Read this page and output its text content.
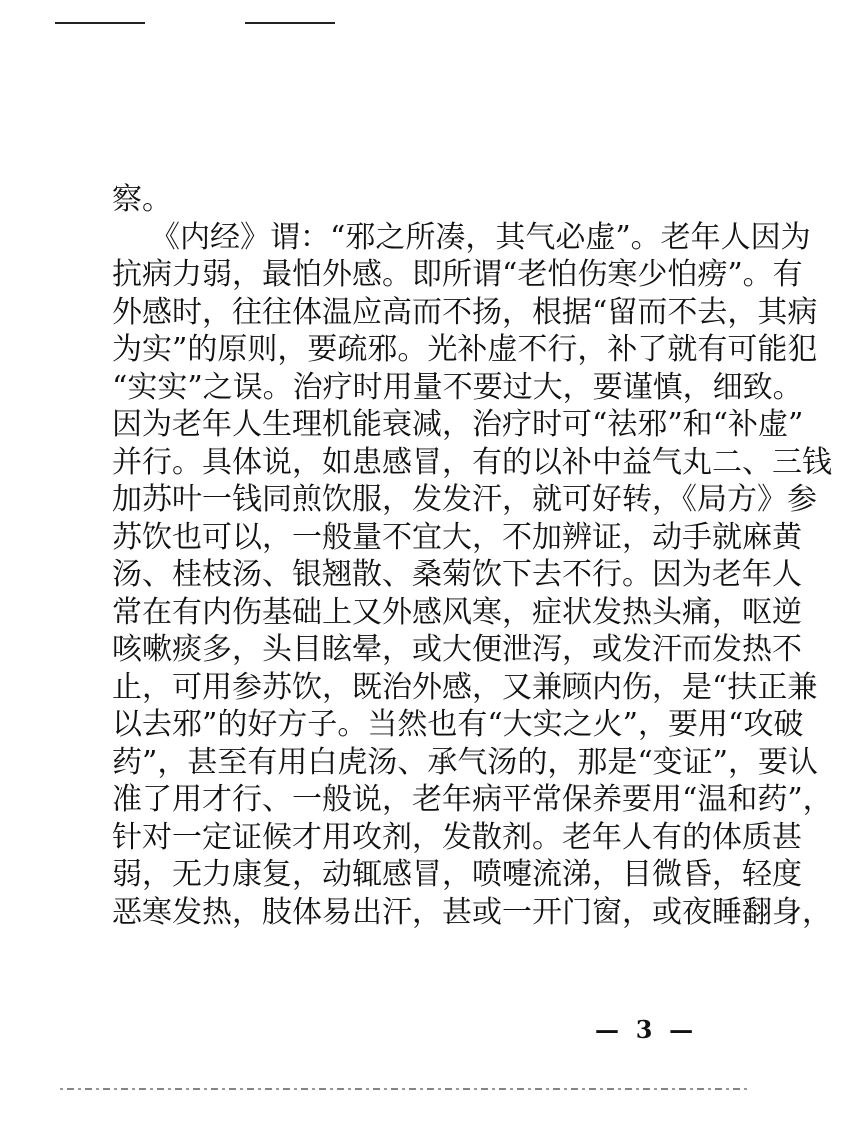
察。
《内经》谓：“邪之所凑，其气必虚”。老年人因为
抗病力弱，最怕外感。即所谓“老怕伤寒少怕痨”。有
外感时，往往体温应高而不扬，根据“留而不去，其病
为实”的原则，要疏邪。光补虚不行，补了就有可能犯
“实实”之误。治疗时用量不要过大，要谨慎，细致。
因为老年人生理机能衰减，治疗时可“祛邪”和“补虚”
并行。具体说，如患感冒，有的以补中益气丸二、三钱
加苏叶一钱同煎饮服，发发汗，就可好转，《局方》参
苏饮也可以，一般量不宜大，不加辨证，动手就麻黄
汤、桂枝汤、银翘散、桑菊饮下去不行。因为老年人
常在有内伤基础上又外感风寒，症状发热头痛，呕逆
咳嗽痰多，头目眩晕，或大便泄泻，或发汗而发热不
止，可用参苏饮，既治外感，又兼顾内伤，是“扶正兼
以去邪”的好方子。当然也有“大实之火”，要用“攻破
药”，甚至有用白虎汤、承气汤的，那是“变证”，要认
准了用才行、一般说，老年病平常保养要用“温和药”，
针对一定证候才用攻剂，发散剂。老年人有的体质甚
弱，无力康复，动辄感冒，喷嚏流涕，目微昏，轻度
恶寒发热，肢体易出汗，甚或一开门窗，或夜睡翻身，
—  3  —
